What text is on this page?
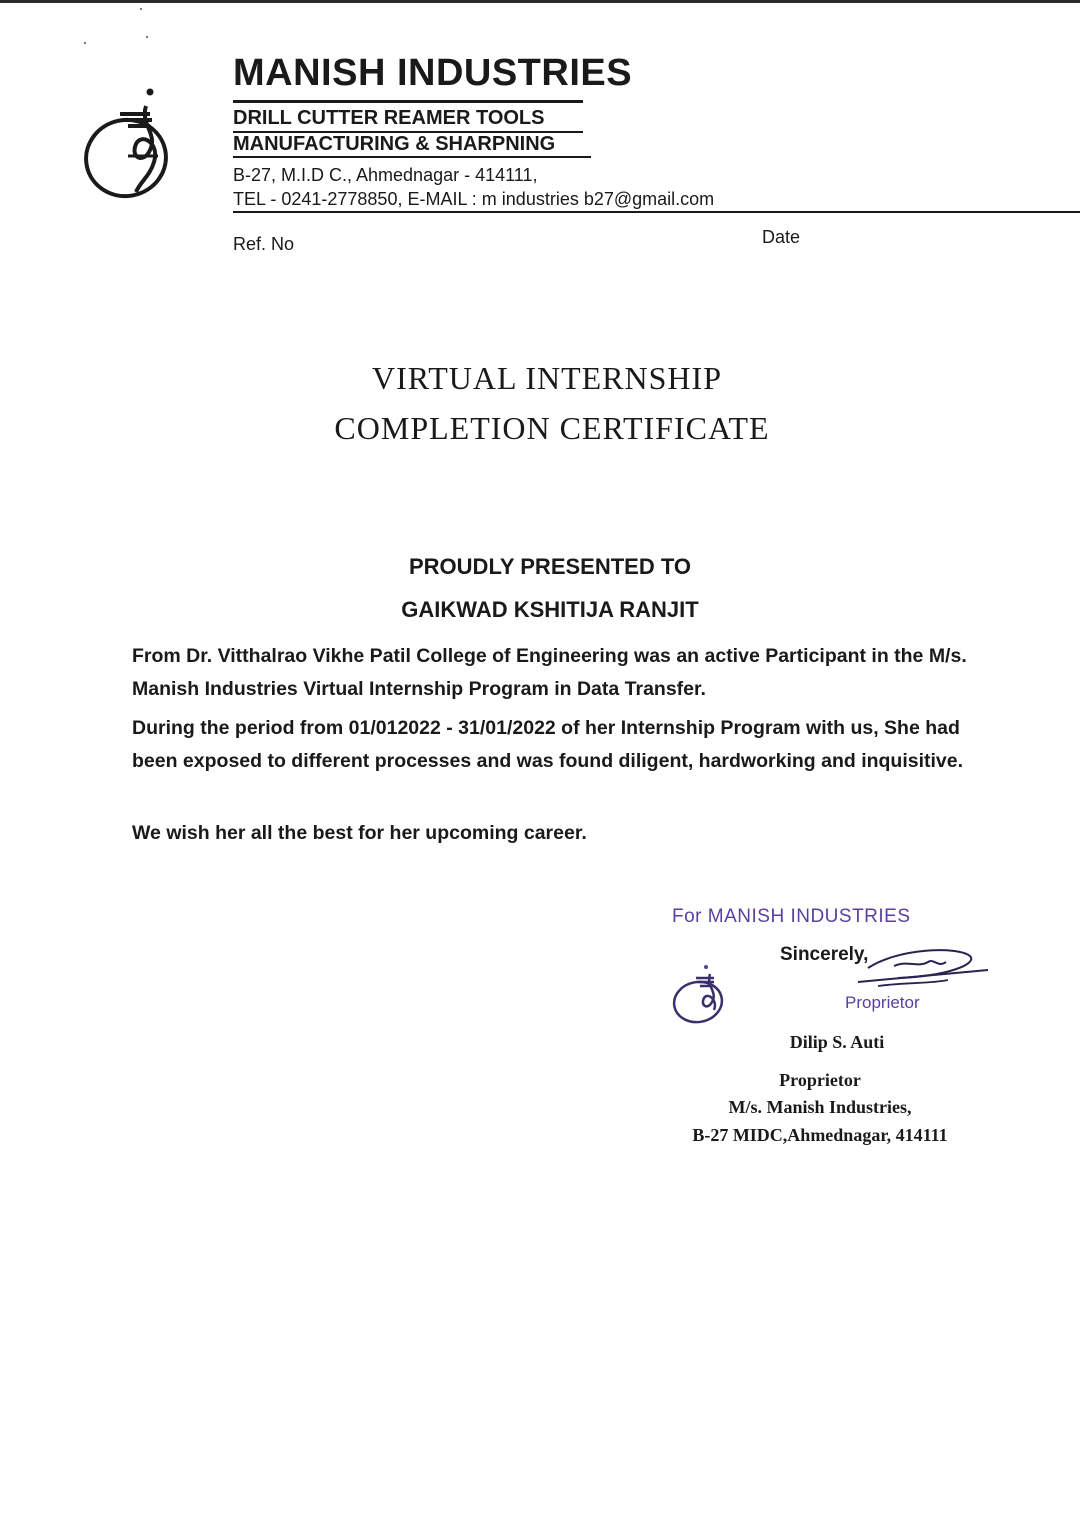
MANISH INDUSTRIES
DRILL CUTTER REAMER TOOLS
MANUFACTURING & SHARPNING
B-27, M.I.D C., Ahmednagar - 414111,
TEL - 0241-2778850, E-MAIL : m industries b27@gmail.com
Ref. No	Date
VIRTUAL INTERNSHIP
COMPLETION CERTIFICATE
PROUDLY PRESENTED TO
GAIKWAD KSHITIJA RANJIT

From Dr. Vitthalrao Vikhe Patil College of Engineering was an active Participant in the M/s. Manish Industries Virtual Internship Program in Data Transfer.

During the period from 01/012022 - 31/01/2022 of her Internship Program with us, She had been exposed to different processes and was found diligent, hardworking and inquisitive.

We wish her all the best for her upcoming career.

For MANISH INDUSTRIES
Sincerely,
Proprietor
Dilip S. Auti
Proprietor
M/s. Manish Industries,
B-27 MIDC,Ahmednagar, 414111
